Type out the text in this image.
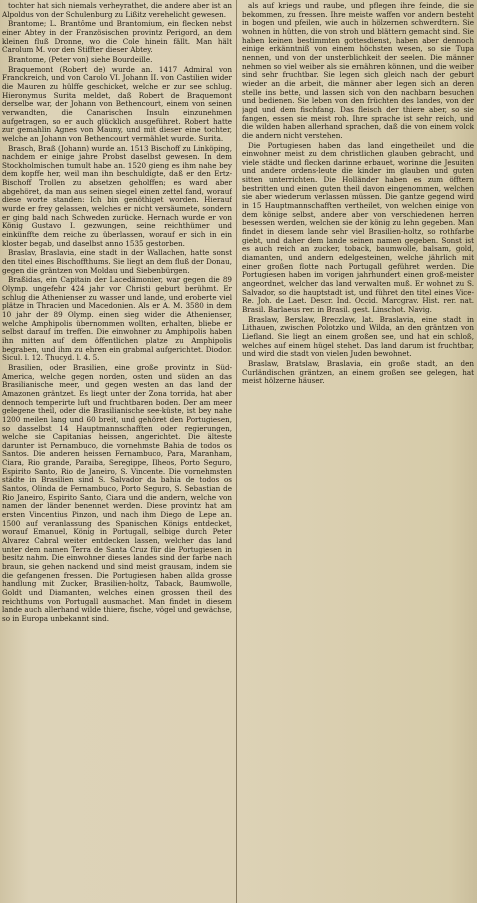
tochter hat sich niemals verheyrathet, die andere aber ist an Alpoldus von der Schulenburg zu Lißitz verehelicht gewesen.

Brantome; L. Brantôme und Brantomium, ein flecken nebst einer Abtey in der Französischen provintz Perigord, an dem kleinen fluß Dronne, wo die Cole hinein fällt. Man hält Carolum M. vor den Stiffter dieser Abtey.

Brantome, (Peter von) siehe Bourdeille.

Braquemont (Robert de) wurde an. 1417 Admiral von Franckreich, und von Carolo VI. Johann II. von Castilien wider die Mauren zu hülffe geschicket, welche er zur see schlug. Hieronymus Surita meldet, daß Robert de Braquemont derselbe war, der Johann von Bethencourt, einem von seinen verwandten, die Canarischen Insuln einzunehmen aufgetragen, so er auch glücklich ausgeführet. Robert hatte zur gemahlin Agnes von Mauny, und mit dieser eine tochter, welche an Johann von Bethencourt vermählet wurde. Surita.

Brasch, Braß (Johann) wurde an. 1513 Bischoff zu Linköping, nachdem er einige jahre Probst daselbst gewesen. In dem Stockholmischen tumult habe an. 1520 gieng es ihm nahe bey dem kopffe her, weil man ihn beschuldigte, daß er den Ertz-Bischoff Trollen zu absetzen geholffen; es ward aber abgehöret, da man aus seinen siegel einen zettel fand, worauf diese worte standen: Ich bin genöthiget worden. Hierauf wurde er frey gelassen, welches er nicht versäumete, sondern er ging bald nach Schweden zurücke. Hernach wurde er von König Gustavo I. gezwungen, seine reichthümer und einkünffte dem reiche zu überlassen, worauf er sich in ein kloster begab, und daselbst anno 1535 gestorben.

Braslav, Braslavia, eine stadt in der Wallachen, hatte sonst den titel eines Bischoffthums. Sie liegt an dem fluß der Donau, gegen die gräntzen von Moldau und Siebenbürgen.

Braßidas, ein Capitain der Lacedämonier, war gegen die 89 Olymp. ungefehr 424 jahr vor Christi geburt berühmt. Er schlug die Athenienser zu wasser und lande, und eroberte viel plätze in Thracien und Macedonien. Als er A. M. 3580 in dem 10 jahr der 89 Olymp. einen sieg wider die Athenienser, welche Amphipolis übernommen wollten, erhalten, bliebe er selbst darauf im treffen. Die einwohner zu Amphipolis haben ihn mitten auf dem öffentlichen platze zu Amphipolis begraben, und ihm zu ehren ein grabmal aufgerichtet. Diodor. Sicul. l. 12. Thucyd. l. 4. 5.

Brasilien, oder Brasilien, eine große provintz in Süd-America, welche gegen norden, osten und süden an das Brasilianische meer, und gegen westen an das land der Amazonen gräntzet. Es liegt unter der Zona torrida, hat aber dennoch temperirte luft und fruchtbaren boden. Der am meer gelegene theil, oder die Brasilianische see-küste, ist bey nahe 1200 meilen lang und 60 breit, und gehöret den Portugiesen, so dasselbst 14 Hauptmannschafften oder regierungen, welche sie Capitanias heissen, angerichtet. Die älteste darunter ist Pernambuco, die vornehmste Bahia de todos os Santos. Die anderen heissen Fernambuco, Para, Maranham, Ciara, Rio grande, Paraiba, Seregippe, Ilheos, Porto Seguro, Espirito Santo, Rio de Janeiro, S. Vincente. Die vornehmsten städte in Brasilien sind S. Salvador da bahia de todos os Santos, Olinda de Fernambuco, Porto Seguro, S. Sebastian de Rio Janeiro, Espirito Santo, Ciara und die andern, welche von namen der länder benennet werden. Diese provintz hat am ersten Vincentius Pinzon, und nach ihm Diego de Lepe an. 1500 auf veranlassung des Spanischen Königs entdecket, worauf Emanuel, König in Portugall, selbige durch Peter Alvarez Cabral weiter entdecken lassen, welcher das land unter dem namen Terra de Santa Cruz für die Portugiesen in besitz nahm. Die einwohner dieses landes sind der farbe nach braun, sie gehen nackend und sind meist grausam, indem sie die gefangenen fressen. Die Portugiesen haben allda grosse handlung mit Zucker, Brasilien-holtz, Taback, Baumwolle, Goldt und Diamanten, welches einen grossen theil des reichthums von Portugall ausmachet. Man findet in diesem lande auch allerhand wilde thiere, fische, vögel und gewächse, so in Europa unbekannt sind.

als auf kriegs und raube, und pflegen ihre feinde, die sie bekommen, zu fressen. Ihre meiste waffen vor andern besteht in bogen und pfeilen, wie auch in hölzernen schwerdtern. Sie wohnen in hütten, die von stroh und blättern gemacht sind. Sie haben keinen bestimmten gottesdienst, haben aber dennoch einige erkänntniß von einem höchsten wesen, so sie Tupa nennen, und von der unsterblichkeit der seelen. Die männer nehmen so viel weiber als sie ernähren können, und die weiber sind sehr fruchtbar. Sie legen sich gleich nach der geburt wieder an die arbeit, die männer aber legen sich an deren stelle ins bette, und lassen sich von den nachbarn besuchen und bedienen. Sie leben von den früchten des landes, von der jagd und dem fischfang. Das fleisch der thiere aber, so sie fangen, essen sie meist roh. Ihre sprache ist sehr reich, und die wilden haben allerhand sprachen, daß die von einem volck die andern nicht verstehen.

Die Portugiesen haben das land eingetheilet und die einwohner meist zu dem christlichen glauben gebracht, und viele städte und flecken darinne erbauet, worinne die Jesuiten und andere ordens-leute die kinder im glauben und guten sitten unterrichten. Die Holländer haben es zum öfftern bestritten und einen guten theil davon eingenommen, welchen sie aber wiederum verlassen müssen. Die gantze gegend wird in 15 Hauptmannschafften vertheilet, von welchen einige von dem könige selbst, andere aber von verschiedenen herren besessen werden, welchen sie der könig zu lehn gegeben. Man findet in diesem lande sehr viel Brasilien-holtz, so rothfarbe giebt, und daher dem lande seinen namen gegeben. Sonst ist es auch reich an zucker, toback, baumwolle, balsam, gold, diamanten, und andern edelgesteinen, welche jährlich mit einer großen flotte nach Portugall geführet werden. Die Portugiesen haben im vorigen jahrhundert einen groß-meister angeordnet, welcher das land verwalten muß. Er wohnet zu S. Salvador, so die hauptstadt ist, und führet den titel eines Vice-Re. Joh. de Laet. Descr. Ind. Occid. Marcgrav. Hist. rer. nat. Brasil. Barlaeus rer. in Brasil. gest. Linschot. Navig.

Braslaw, Berslaw, Breczlaw, lat. Braslavia, eine stadt in Lithauen, zwischen Polotzko und Wilda, an den gräntzen von Liefland. Sie liegt an einem großen see, und hat ein schloß, welches auf einem hügel stehet. Das land darum ist fruchtbar, und wird die stadt von vielen Juden bewohnet.

Braslaw, Bratslaw, Braslavia, ein große stadt, an den Curländischen gräntzen, an einem großen see gelegen, hat meist hölzerne häuser.
